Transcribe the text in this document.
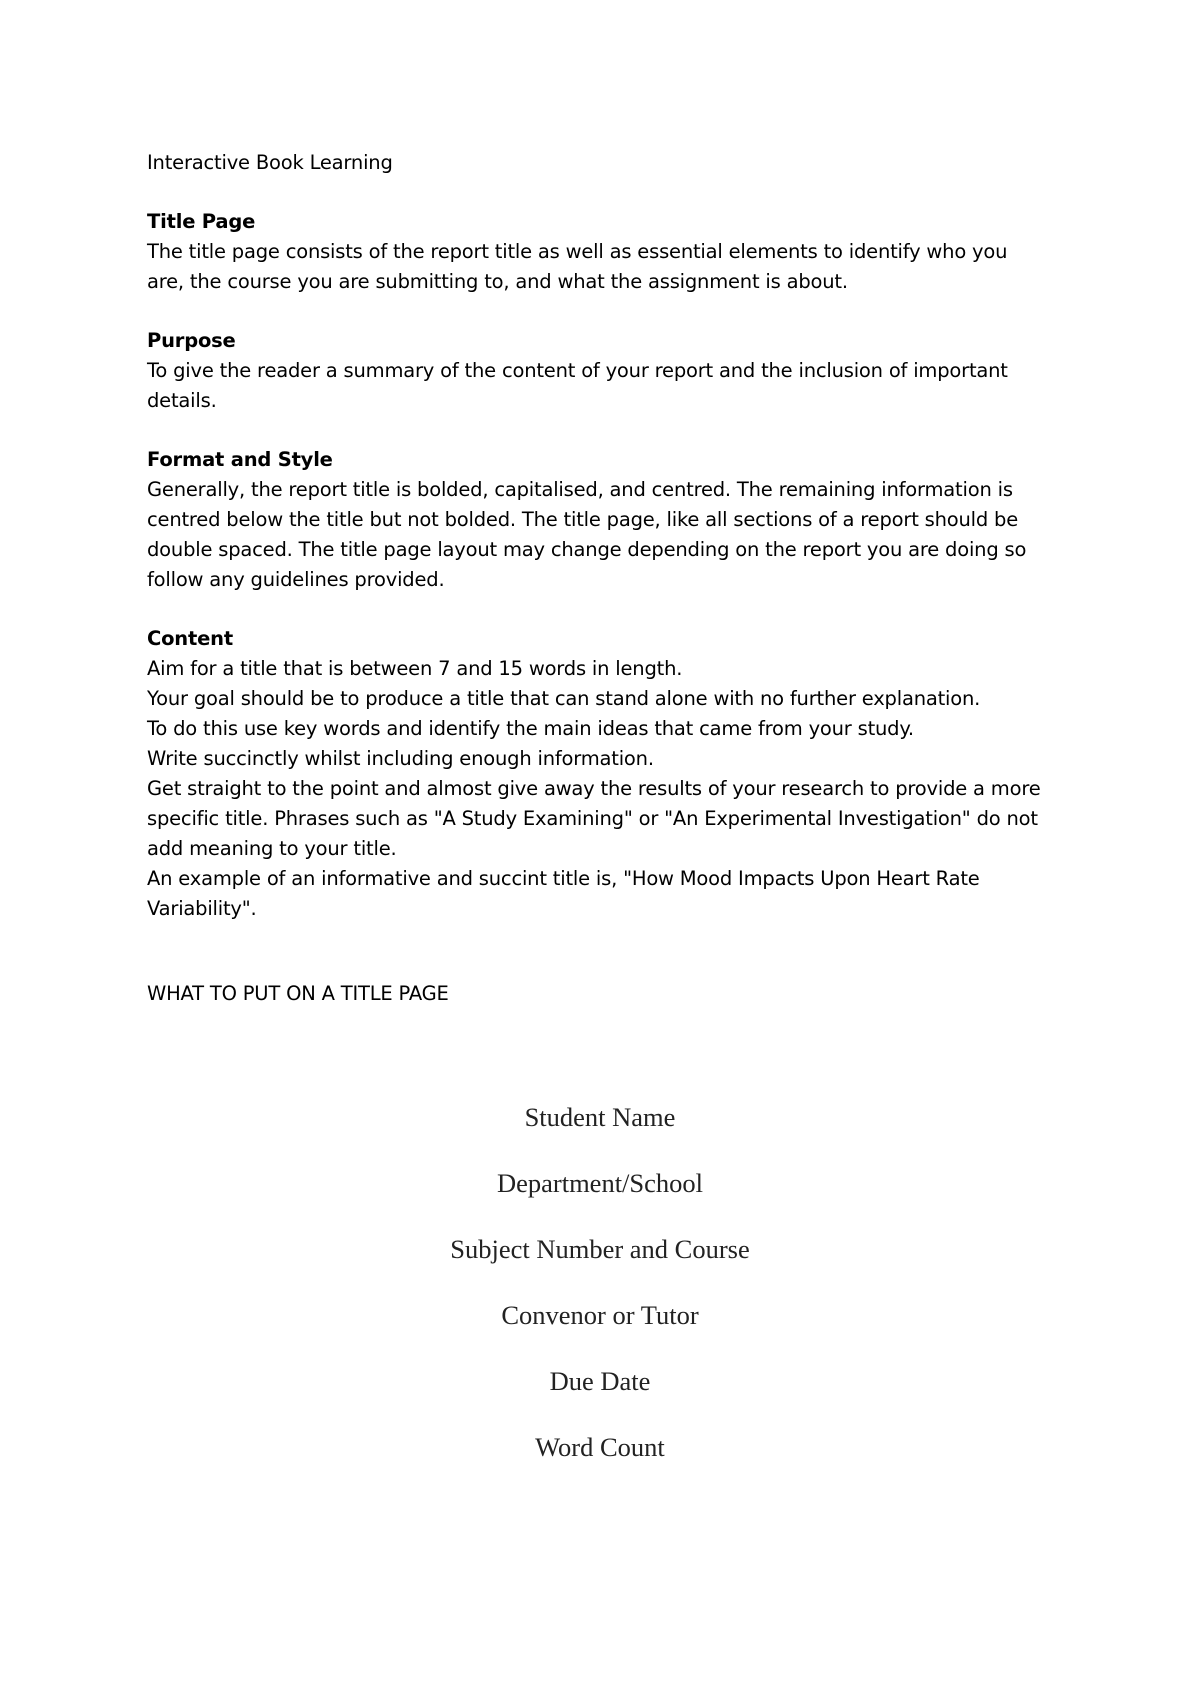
Interactive Book Learning

Title Page

The title page consists of the report title as well as essential elements to identify who you

are, the course you are submitting to, and what the assignment is about.

Purpose

To give the reader a summary of the content of your report and the inclusion of important

details.

Format and Style

Generally, the report title is bolded, capitalised, and centred. The remaining information is

centred below the title but not bolded. The title page, like all sections of a report should be

double spaced. The title page layout may change depending on the report you are doing so

follow any guidelines provided.

Content

Aim for a title that is between 7 and 15 words in length.

Your goal should be to produce a title that can stand alone with no further explanation.

To do this use key words and identify the main ideas that came from your study.

Write succinctly whilst including enough information.

Get straight to the point and almost give away the results of your research to provide a more

specific title. Phrases such as "A Study Examining" or "An Experimental Investigation" do not

add meaning to your title.

An example of an informative and succint title is, "How Mood Impacts Upon Heart Rate

Variability".

WHAT TO PUT ON A TITLE PAGE

Student Name
Department/School
Subject Number and Course
Convenor or Tutor
Due Date
Word Count
